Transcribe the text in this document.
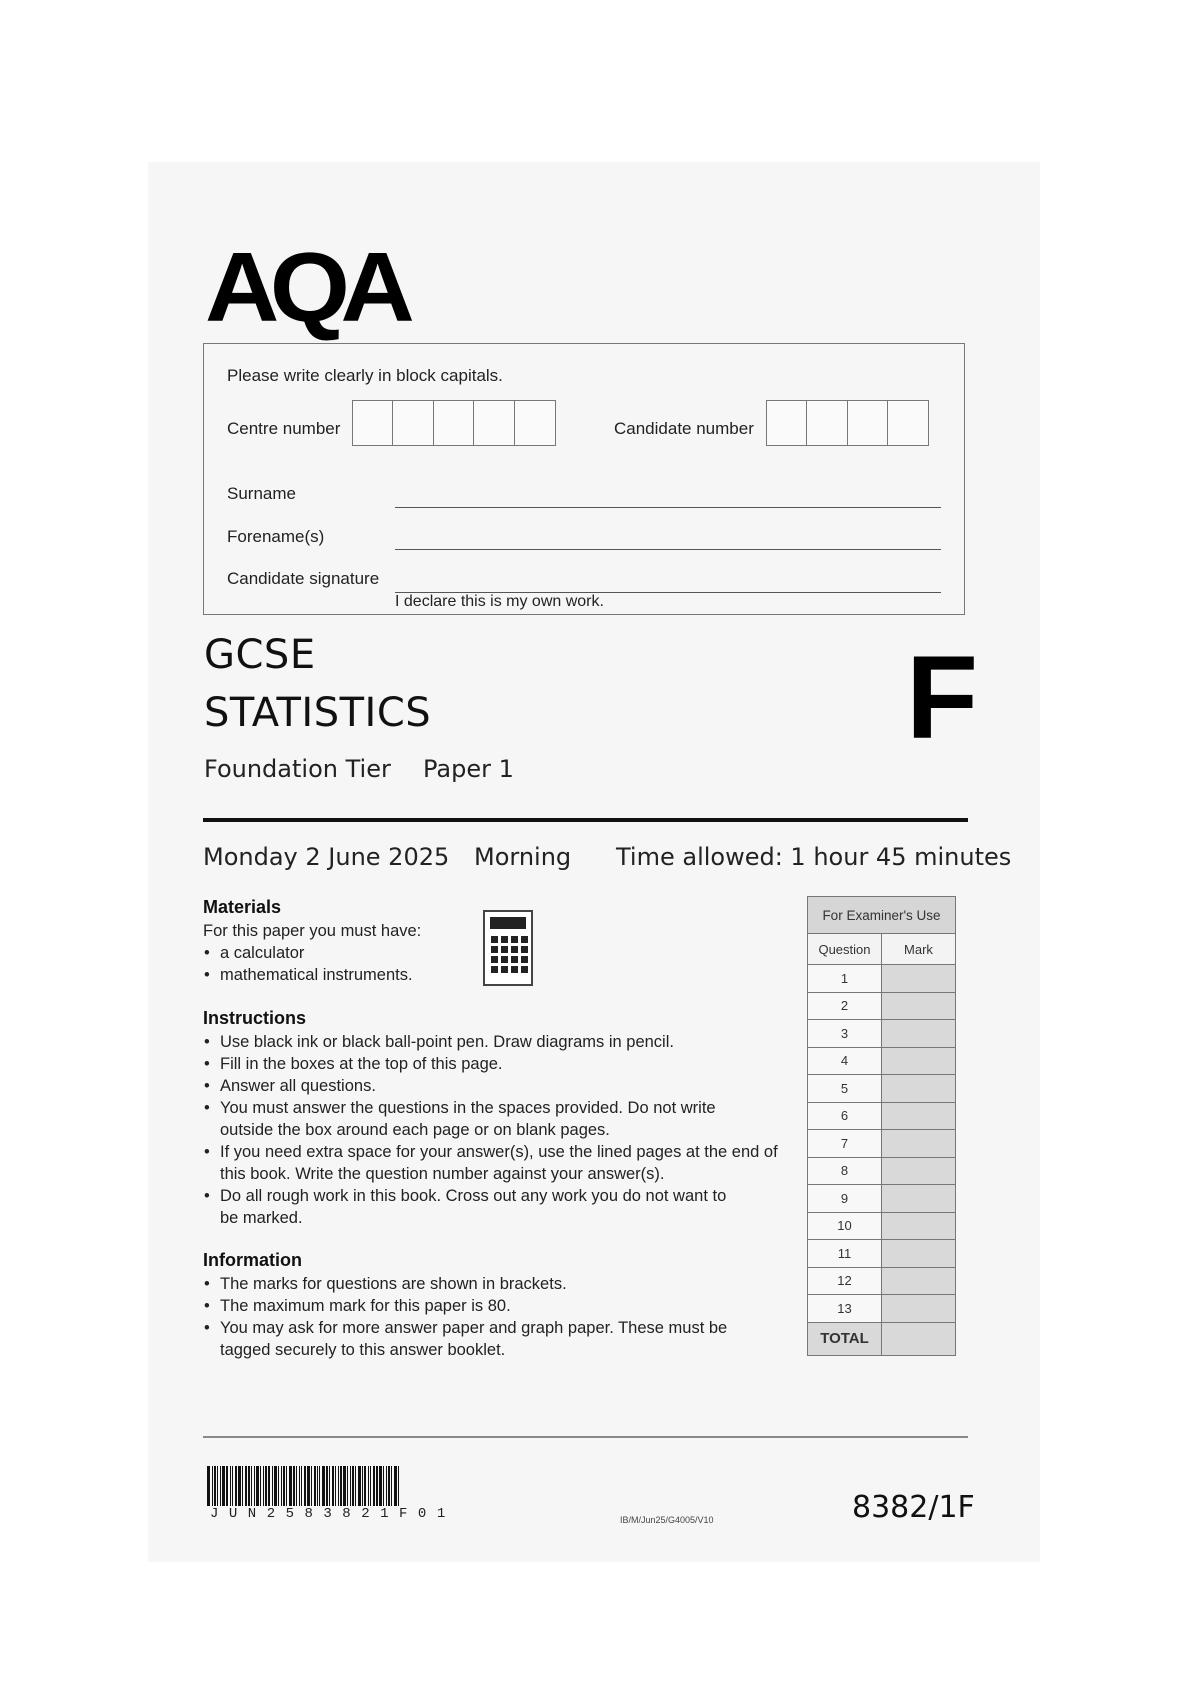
AQA
Please write clearly in block capitals.
Centre number	Candidate number
Surname
Forename(s)
Candidate signature
I declare this is my own work.
GCSE
STATISTICS	F
Foundation Tier Paper 1
Monday 2 June 2025 Morning Time allowed: 1 hour 45 minutes
Materials
For this paper you must have:
• a calculator
• mathematical instruments.
Instructions
• Use black ink or black ball-point pen. Draw diagrams in pencil.
• Fill in the boxes at the top of this page.
• Answer all questions.
• You must answer the questions in the spaces provided. Do not write outside the box around each page or on blank pages.
• If you need extra space for your answer(s), use the lined pages at the end of this book. Write the question number against your answer(s).
• Do all rough work in this book. Cross out any work you do not want to be marked.
Information
• The marks for questions are shown in brackets.
• The maximum mark for this paper is 80.
• You may ask for more answer paper and graph paper. These must be tagged securely to this answer booklet.
For Examiner's Use	
Question	Mark
1	
2	
3	
4	
5	
6	
7	
8	
9	
10	
11	
12	
13	
TOTAL	
JUN2583821F01	IB/M/Jun25/G4005/V10	8382/1F
